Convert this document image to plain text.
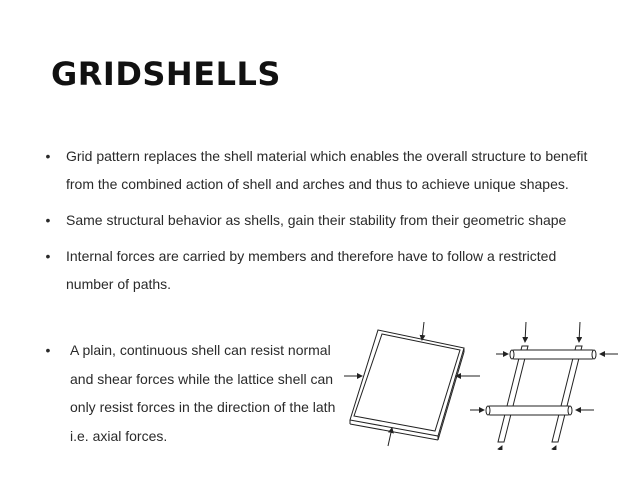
GRIDSHELLS
• Grid pattern replaces the shell material which enables the overall structure to benefit from the combined action of shell and arches and thus to achieve unique shapes.
• Same structural behavior as shells, gain their stability from their geometric shape
• Internal forces are carried by members and therefore have to follow a restricted number of paths.
• A plain, continuous shell can resist normal and shear forces while the lattice shell can only resist forces in the direction of the lath i.e. axial forces.
